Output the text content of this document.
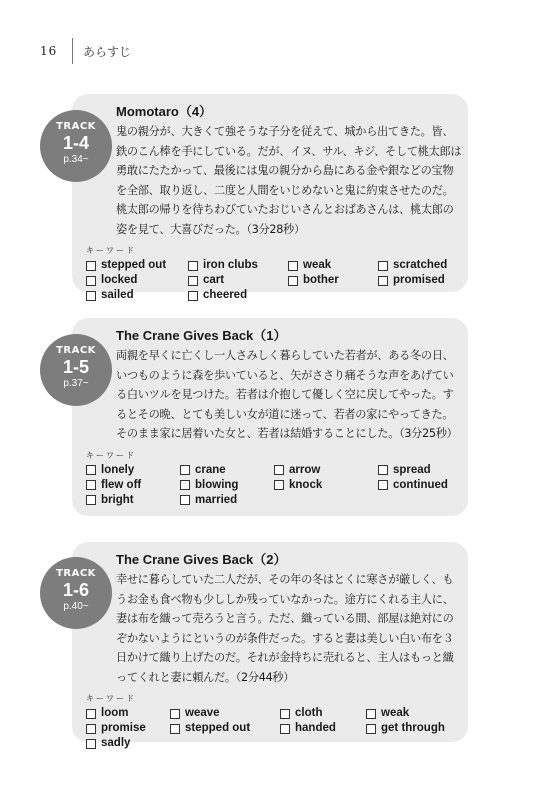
16	あらすじ
TRACK
1-4
p.34~
Momotaro（4）
鬼の親分が、大きくて強そうな子分を従えて、城から出てきた。皆、鉄のこん棒を手にしている。だが、イヌ、サル、キジ、そして桃太郎は勇敢にたたかって、最後には鬼の親分から島にある金や銀などの宝物を全部、取り返し、二度と人間をいじめないと鬼に約束させたのだ。桃太郎の帰りを待ちわびていたおじいさんとおばあさんは、桃太郎の姿を見て、大喜びだった。（3分28秒）
キーワード
stepped out	iron clubs	weak	scratched
locked	cart	bother	promised
sailed	cheered
TRACK
1-5
p.37~
The Crane Gives Back（1）
両親を早くに亡くし一人さみしく暮らしていた若者が、ある冬の日、いつものように森を歩いていると、矢がささり痛そうな声をあげている白いツルを見つけた。若者は介抱して優しく空に戻してやった。するとその晩、とても美しい女が道に迷って、若者の家にやってきた。そのまま家に居着いた女と、若者は結婚することにした。（3分25秒）
キーワード
lonely	crane	arrow	spread
flew off	blowing	knock	continued
bright	married
TRACK
1-6
p.40~
The Crane Gives Back（2）
幸せに暮らしていた二人だが、その年の冬はとくに寒さが厳しく、もうお金も食べ物も少ししか残っていなかった。途方にくれる主人に、妻は布を織って売ろうと言う。ただ、織っている間、部屋は絶対にのぞかないようにというのが条件だった。すると妻は美しい白い布を３日かけて織り上げたのだ。それが金持ちに売れると、主人はもっと織ってくれと妻に頼んだ。（2分44秒）
キーワード
loom	weave	cloth	weak
promise	stepped out	handed	get through
sadly
